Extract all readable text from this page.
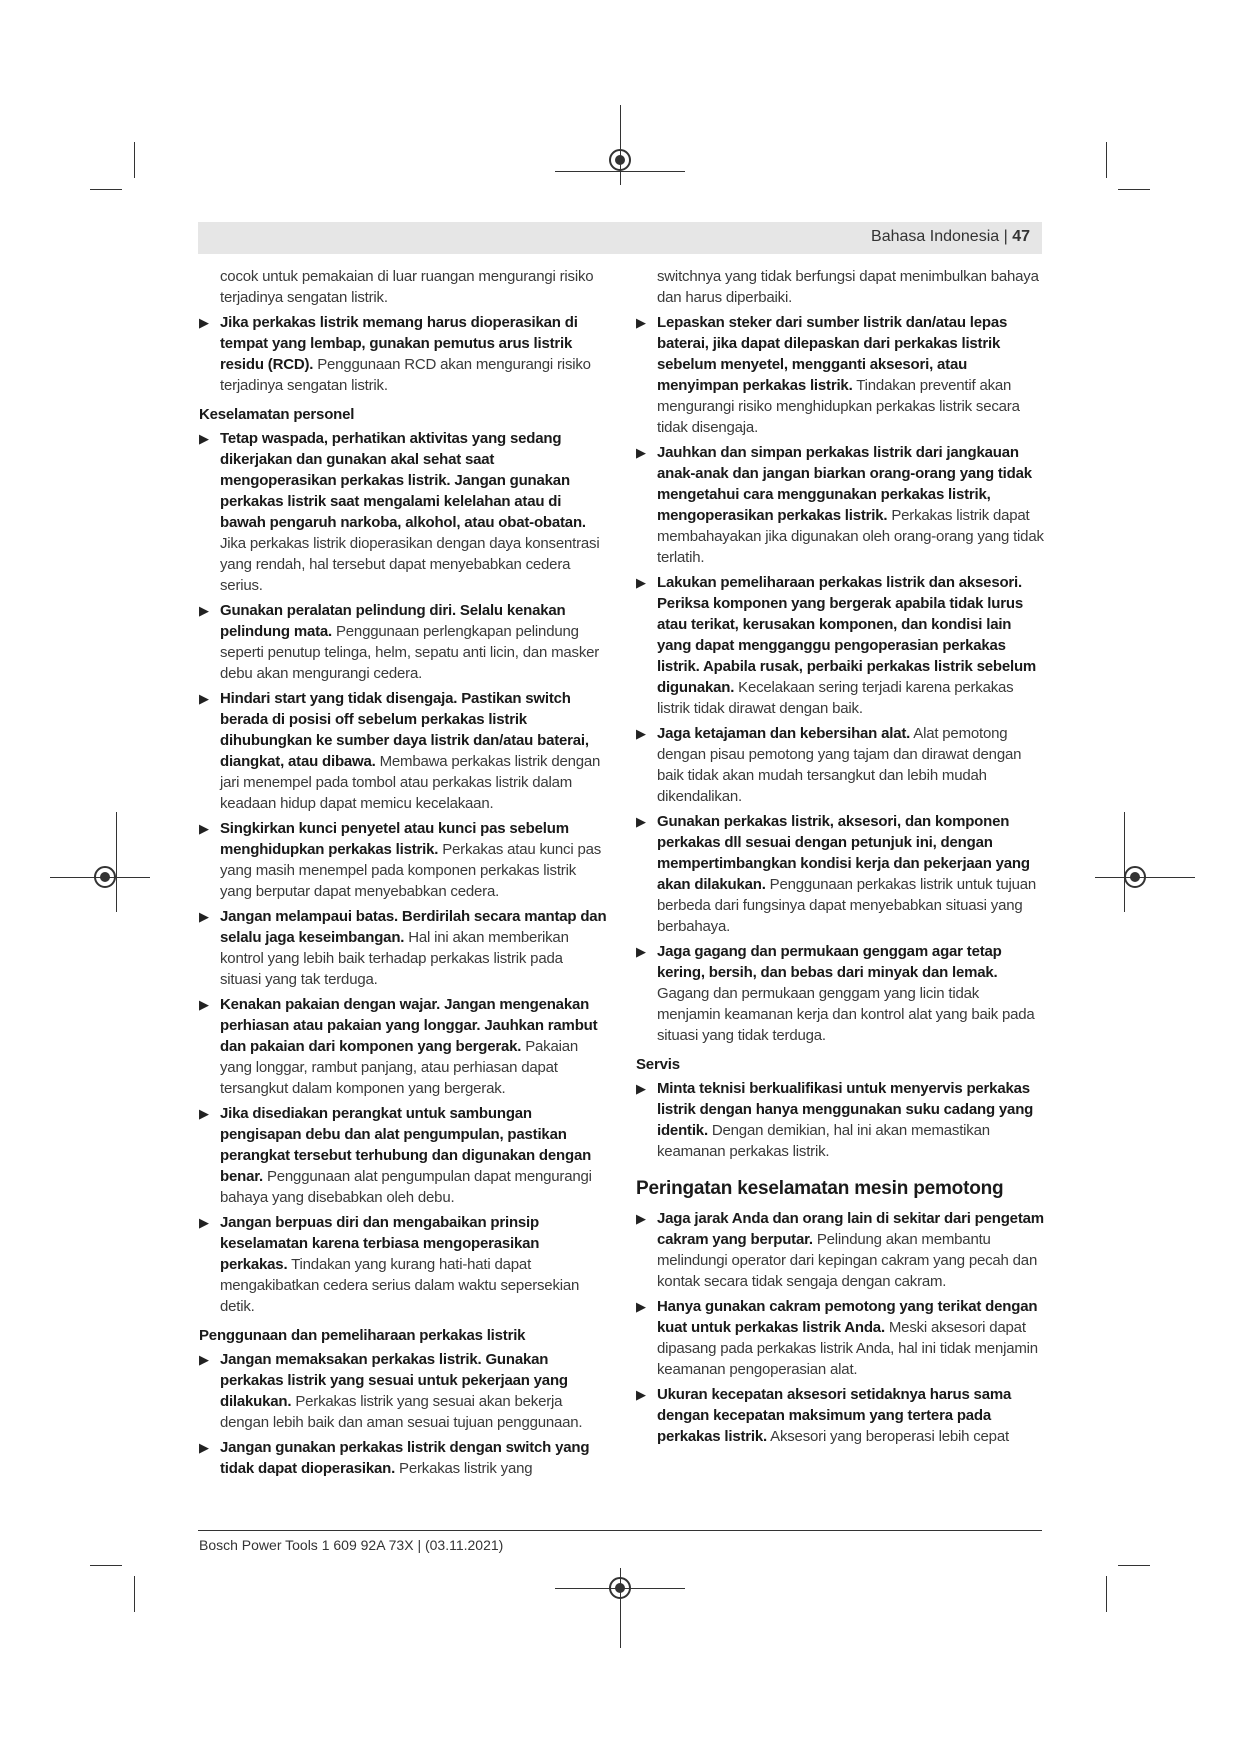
Bahasa Indonesia | 47
cocok untuk pemakaian di luar ruangan mengurangi risiko terjadinya sengatan listrik.
▶ Jika perkakas listrik memang harus dioperasikan di tempat yang lembap, gunakan pemutus arus listrik residu (RCD). Penggunaan RCD akan mengurangi risiko terjadinya sengatan listrik.
Keselamatan personel
▶ Tetap waspada, perhatikan aktivitas yang sedang dikerjakan dan gunakan akal sehat saat mengoperasikan perkakas listrik. Jangan gunakan perkakas listrik saat mengalami kelelahan atau di bawah pengaruh narkoba, alkohol, atau obat-obatan. Jika perkakas listrik dioperasikan dengan daya konsentrasi yang rendah, hal tersebut dapat menyebabkan cedera serius.
▶ Gunakan peralatan pelindung diri. Selalu kenakan pelindung mata. Penggunaan perlengkapan pelindung seperti penutup telinga, helm, sepatu anti licin, dan masker debu akan mengurangi cedera.
▶ Hindari start yang tidak disengaja. Pastikan switch berada di posisi off sebelum perkakas listrik dihubungkan ke sumber daya listrik dan/atau baterai, diangkat, atau dibawa. Membawa perkakas listrik dengan jari menempel pada tombol atau perkakas listrik dalam keadaan hidup dapat memicu kecelakaan.
▶ Singkirkan kunci penyetel atau kunci pas sebelum menghidupkan perkakas listrik. Perkakas atau kunci pas yang masih menempel pada komponen perkakas listrik yang berputar dapat menyebabkan cedera.
▶ Jangan melampaui batas. Berdirilah secara mantap dan selalu jaga keseimbangan. Hal ini akan memberikan kontrol yang lebih baik terhadap perkakas listrik pada situasi yang tak terduga.
▶ Kenakan pakaian dengan wajar. Jangan mengenakan perhiasan atau pakaian yang longgar. Jauhkan rambut dan pakaian dari komponen yang bergerak. Pakaian yang longgar, rambut panjang, atau perhiasan dapat tersangkut dalam komponen yang bergerak.
▶ Jika disediakan perangkat untuk sambungan pengisapan debu dan alat pengumpulan, pastikan perangkat tersebut terhubung dan digunakan dengan benar. Penggunaan alat pengumpulan dapat mengurangi bahaya yang disebabkan oleh debu.
▶ Jangan berpuas diri dan mengabaikan prinsip keselamatan karena terbiasa mengoperasikan perkakas. Tindakan yang kurang hati-hati dapat mengakibatkan cedera serius dalam waktu sepersekian detik.
Penggunaan dan pemeliharaan perkakas listrik
▶ Jangan memaksakan perkakas listrik. Gunakan perkakas listrik yang sesuai untuk pekerjaan yang dilakukan. Perkakas listrik yang sesuai akan bekerja dengan lebih baik dan aman sesuai tujuan penggunaan.
▶ Jangan gunakan perkakas listrik dengan switch yang tidak dapat dioperasikan. Perkakas listrik yang
switchnya yang tidak berfungsi dapat menimbulkan bahaya dan harus diperbaiki.
▶ Lepaskan steker dari sumber listrik dan/atau lepas baterai, jika dapat dilepaskan dari perkakas listrik sebelum menyetel, mengganti aksesori, atau menyimpan perkakas listrik. Tindakan preventif akan mengurangi risiko menghidupkan perkakas listrik secara tidak disengaja.
▶ Jauhkan dan simpan perkakas listrik dari jangkauan anak-anak dan jangan biarkan orang-orang yang tidak mengetahui cara menggunakan perkakas listrik, mengoperasikan perkakas listrik. Perkakas listrik dapat membahayakan jika digunakan oleh orang-orang yang tidak terlatih.
▶ Lakukan pemeliharaan perkakas listrik dan aksesori. Periksa komponen yang bergerak apabila tidak lurus atau terikat, kerusakan komponen, dan kondisi lain yang dapat mengganggu pengoperasian perkakas listrik. Apabila rusak, perbaiki perkakas listrik sebelum digunakan. Kecelakaan sering terjadi karena perkakas listrik tidak dirawat dengan baik.
▶ Jaga ketajaman dan kebersihan alat. Alat pemotong dengan pisau pemotong yang tajam dan dirawat dengan baik tidak akan mudah tersangkut dan lebih mudah dikendalikan.
▶ Gunakan perkakas listrik, aksesori, dan komponen perkakas dll sesuai dengan petunjuk ini, dengan mempertimbangkan kondisi kerja dan pekerjaan yang akan dilakukan. Penggunaan perkakas listrik untuk tujuan berbeda dari fungsinya dapat menyebabkan situasi yang berbahaya.
▶ Jaga gagang dan permukaan genggam agar tetap kering, bersih, dan bebas dari minyak dan lemak. Gagang dan permukaan genggam yang licin tidak menjamin keamanan kerja dan kontrol alat yang baik pada situasi yang tidak terduga.
Servis
▶ Minta teknisi berkualifikasi untuk menyervis perkakas listrik dengan hanya menggunakan suku cadang yang identik. Dengan demikian, hal ini akan memastikan keamanan perkakas listrik.
Peringatan keselamatan mesin pemotong
▶ Jaga jarak Anda dan orang lain di sekitar dari pengetam cakram yang berputar. Pelindung akan membantu melindungi operator dari kepingan cakram yang pecah dan kontak secara tidak sengaja dengan cakram.
▶ Hanya gunakan cakram pemotong yang terikat dengan kuat untuk perkakas listrik Anda. Meski aksesori dapat dipasang pada perkakas listrik Anda, hal ini tidak menjamin keamanan pengoperasian alat.
▶ Ukuran kecepatan aksesori setidaknya harus sama dengan kecepatan maksimum yang tertera pada perkakas listrik. Aksesori yang beroperasi lebih cepat
Bosch Power Tools 1 609 92A 73X | (03.11.2021)
